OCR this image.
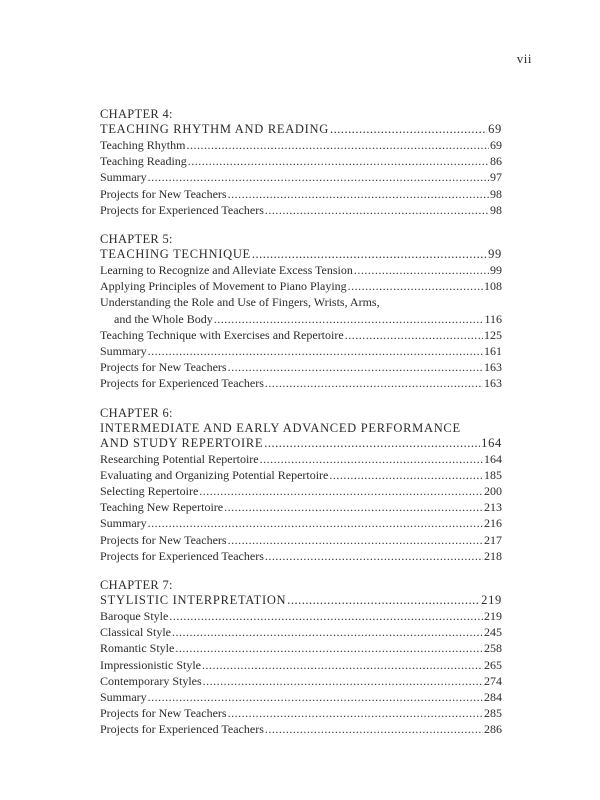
vii
CHAPTER 4:
TEACHING RHYTHM AND READING .....	69
Teaching Rhythm .....	69
Teaching Reading .....	86
Summary .....	97
Projects for New Teachers .....	98
Projects for Experienced Teachers .....	98
CHAPTER 5:
TEACHING TECHNIQUE .....	99
Learning to Recognize and Alleviate Excess Tension .....	99
Applying Principles of Movement to Piano Playing .....	108
Understanding the Role and Use of Fingers, Wrists, Arms,
and the Whole Body .....	116
Teaching Technique with Exercises and Repertoire .....	125
Summary .....	161
Projects for New Teachers .....	163
Projects for Experienced Teachers .....	163
CHAPTER 6:
INTERMEDIATE AND EARLY ADVANCED PERFORMANCE
AND STUDY REPERTOIRE .....	164
Researching Potential Repertoire .....	164
Evaluating and Organizing Potential Repertoire .....	185
Selecting Repertoire .....	200
Teaching New Repertoire .....	213
Summary .....	216
Projects for New Teachers .....	217
Projects for Experienced Teachers .....	218
CHAPTER 7:
STYLISTIC INTERPRETATION .....	219
Baroque Style .....	219
Classical Style .....	245
Romantic Style .....	258
Impressionistic Style .....	265
Contemporary Styles .....	274
Summary .....	284
Projects for New Teachers .....	285
Projects for Experienced Teachers .....	286
